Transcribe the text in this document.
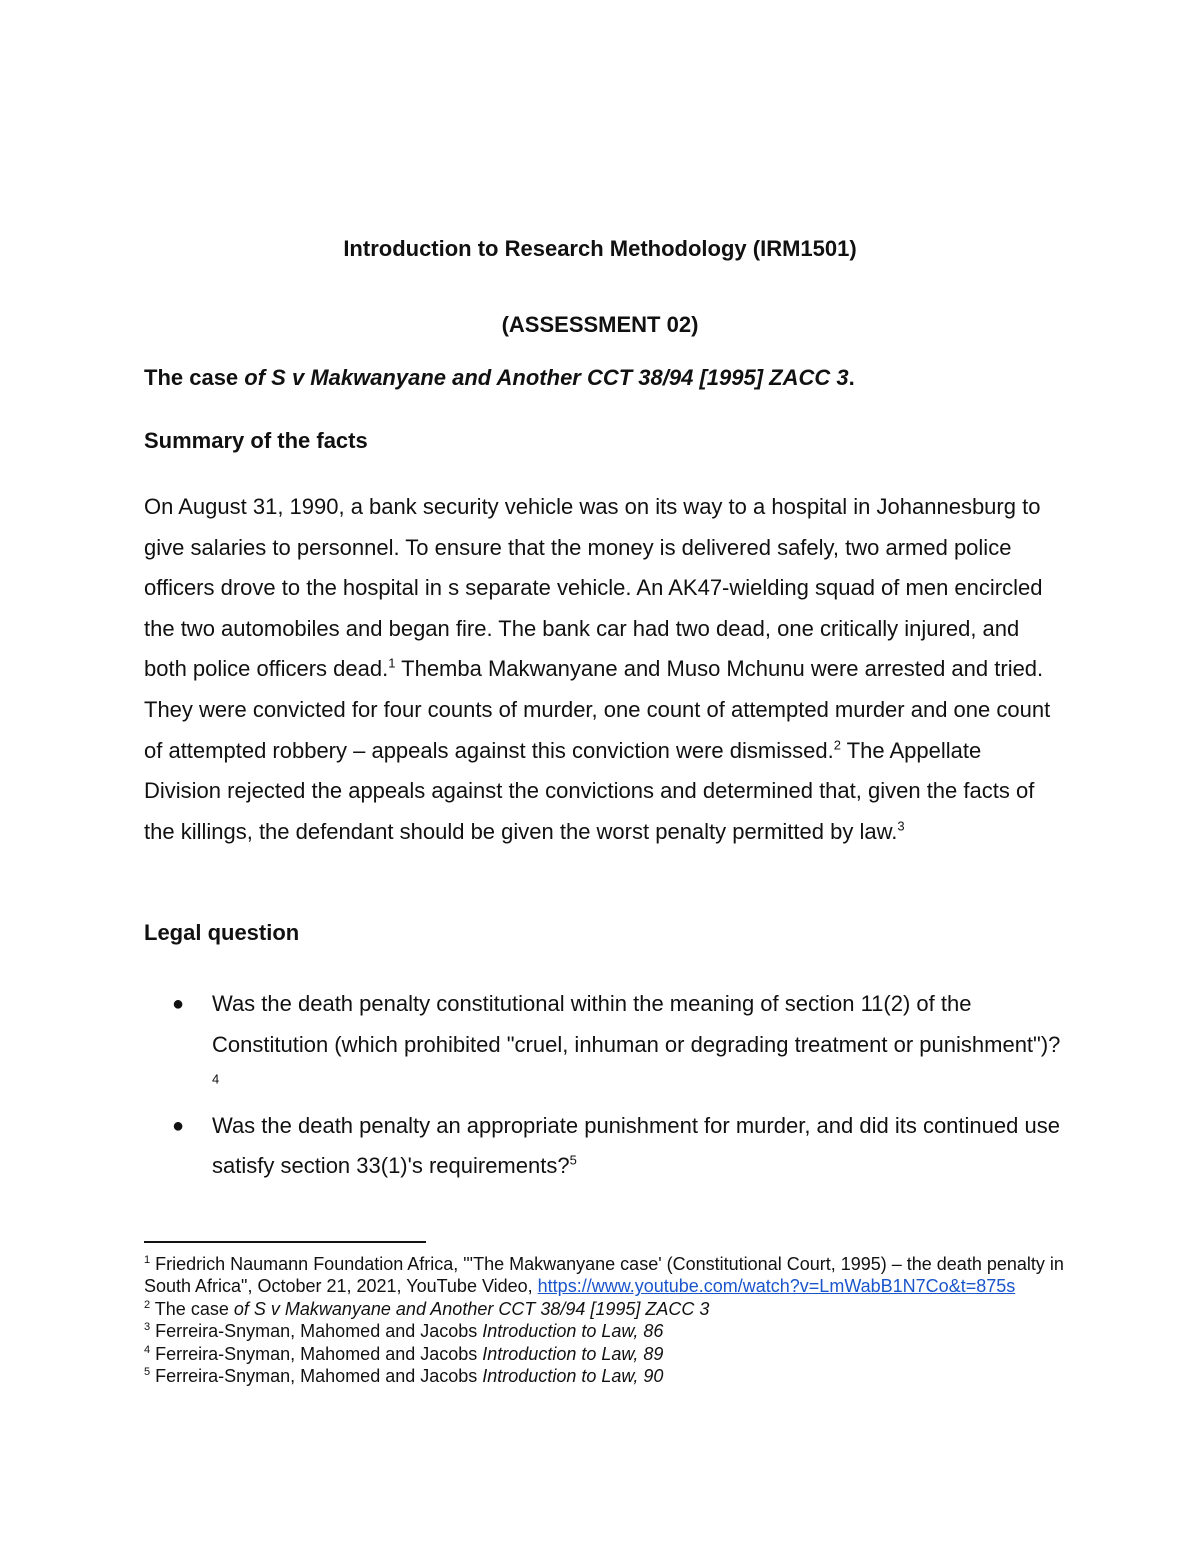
Introduction to Research Methodology (IRM1501)
(ASSESSMENT 02)
The case of S v Makwanyane and Another CCT 38/94 [1995] ZACC 3.
Summary of the facts

On August 31, 1990, a bank security vehicle was on its way to a hospital in Johannesburg to give salaries to personnel. To ensure that the money is delivered safely, two armed police officers drove to the hospital in s separate vehicle. An AK47-wielding squad of men encircled the two automobiles and began fire. The bank car had two dead, one critically injured, and both police officers dead.$^1$ Themba Makwanyane and Muso Mchunu were arrested and tried. They were convicted for four counts of murder, one count of attempted murder and one count of attempted robbery – appeals against this conviction were dismissed.$^2$ The Appellate Division rejected the appeals against the convictions and determined that, given the facts of the killings, the defendant should be given the worst penalty permitted by law.$^3$

Legal question
● Was the death penalty constitutional within the meaning of section 11(2) of the Constitution (which prohibited "cruel, inhuman or degrading treatment or punishment")?$^4$
● Was the death penalty an appropriate punishment for murder, and did its continued use satisfy section 33(1)'s requirements?$^5$
$^1$ Friedrich Naumann Foundation Africa, "'The Makwanyane case' (Constitutional Court, 1995) – the death penalty in South Africa", October 21, 2021, YouTube Video, https://www.youtube.com/watch?v=LmWabB1N7Co&t=875s
$^2$ The case of S v Makwanyane and Another CCT 38/94 [1995] ZACC 3
$^3$ Ferreira-Snyman, Mahomed and Jacobs Introduction to Law, 86
$^4$ Ferreira-Snyman, Mahomed and Jacobs Introduction to Law, 89
$^5$ Ferreira-Snyman, Mahomed and Jacobs Introduction to Law, 90
